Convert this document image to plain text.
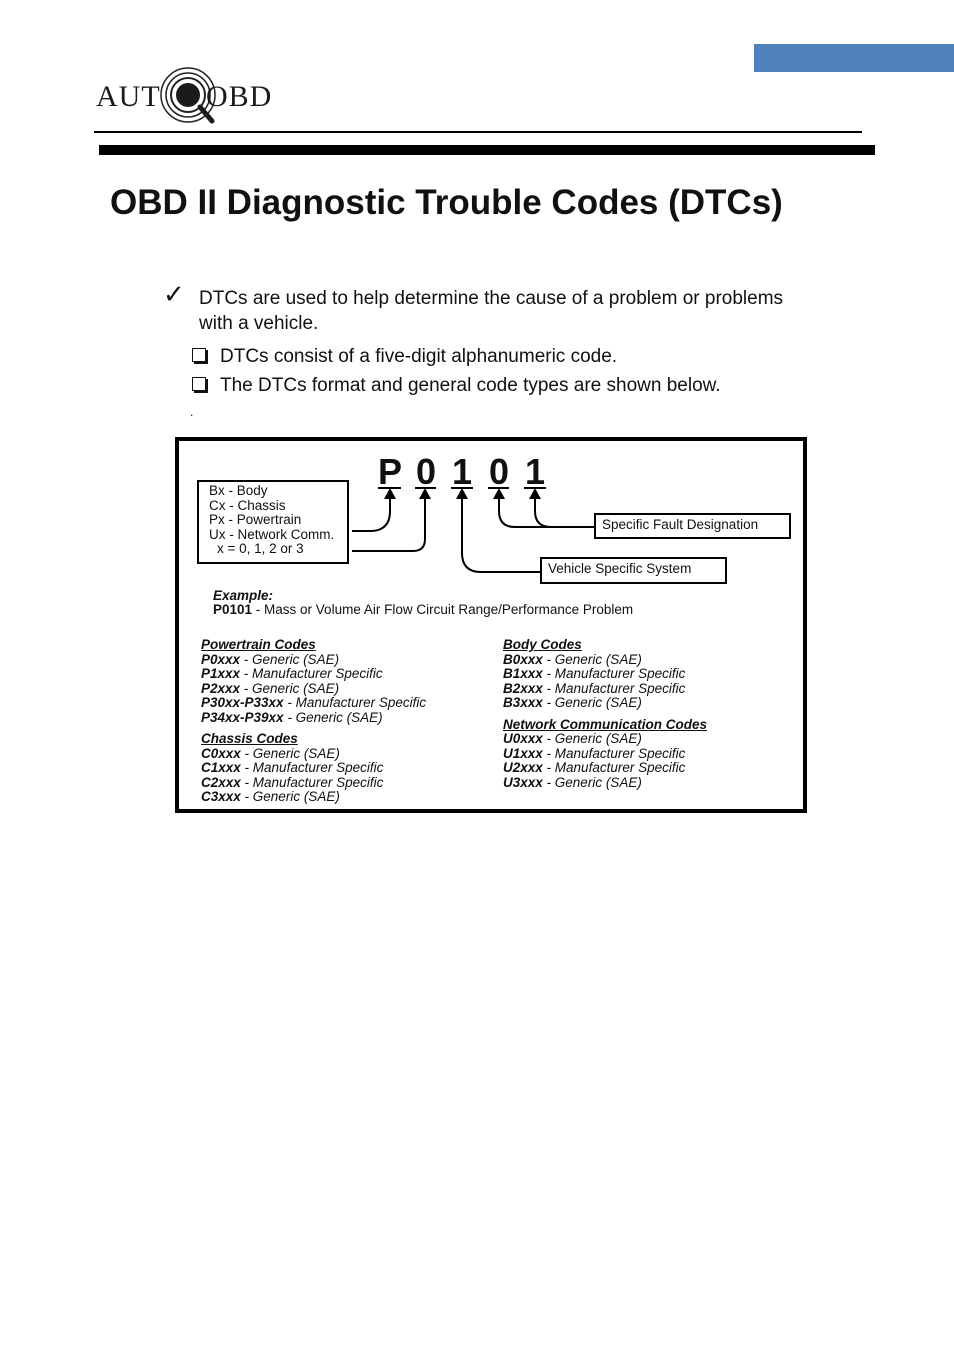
AUT OBD
OBD II Diagnostic Trouble Codes (DTCs)
✓ DTCs are used to help determine the cause of a problem or problems with a vehicle.
DTCs consist of a five-digit alphanumeric code.
The DTCs format and general code types are shown below.
.
P 0 1 0 1
Bx - Body
Cx - Chassis
Px - Powertrain
Ux - Network Comm.
x = 0, 1, 2 or 3
Specific Fault Designation
Vehicle Specific System
Example:
P0101 - Mass or Volume Air Flow Circuit Range/Performance Problem
Powertrain Codes
P0xxx - Generic (SAE)
P1xxx - Manufacturer Specific
P2xxx - Generic (SAE)
P30xx-P33xx - Manufacturer Specific
P34xx-P39xx - Generic (SAE)
Chassis Codes
C0xxx - Generic (SAE)
C1xxx - Manufacturer Specific
C2xxx - Manufacturer Specific
C3xxx - Generic (SAE)
Body Codes
B0xxx - Generic (SAE)
B1xxx - Manufacturer Specific
B2xxx - Manufacturer Specific
B3xxx - Generic (SAE)
Network Communication Codes
U0xxx - Generic (SAE)
U1xxx - Manufacturer Specific
U2xxx - Manufacturer Specific
U3xxx - Generic (SAE)
